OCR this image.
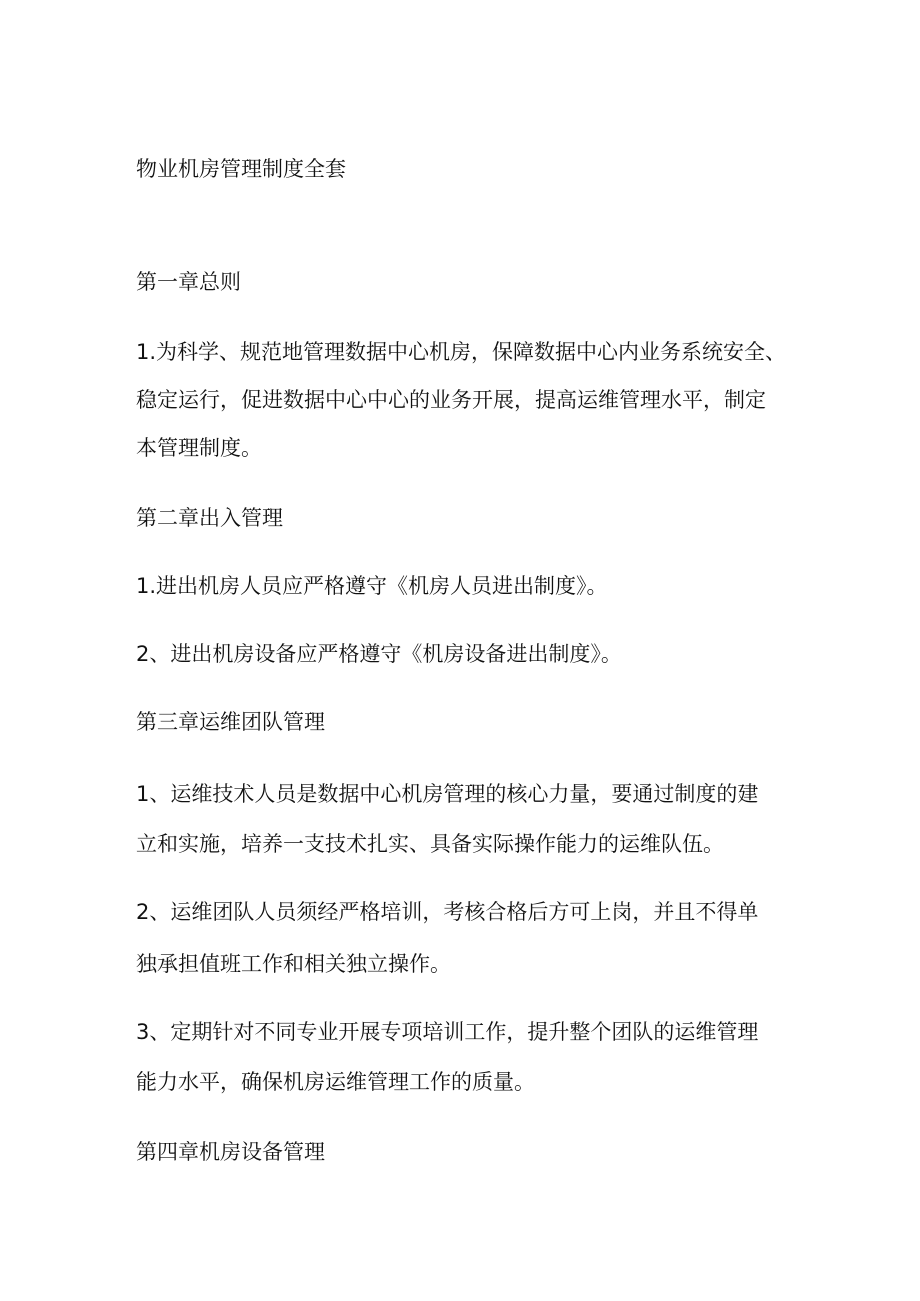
物业机房管理制度全套
第一章总则
1.为科学、规范地管理数据中心机房，保障数据中心内业务系统安全、
稳定运行，促进数据中心中心的业务开展，提高运维管理水平，制定
本管理制度。
第二章出入管理
1.进出机房人员应严格遵守《机房人员进出制度》。
2、进出机房设备应严格遵守《机房设备进出制度》。
第三章运维团队管理
1、运维技术人员是数据中心机房管理的核心力量，要通过制度的建
立和实施，培养一支技术扎实、具备实际操作能力的运维队伍。
2、运维团队人员须经严格培训，考核合格后方可上岗，并且不得单
独承担值班工作和相关独立操作。
3、定期针对不同专业开展专项培训工作，提升整个团队的运维管理
能力水平，确保机房运维管理工作的质量。
第四章机房设备管理
